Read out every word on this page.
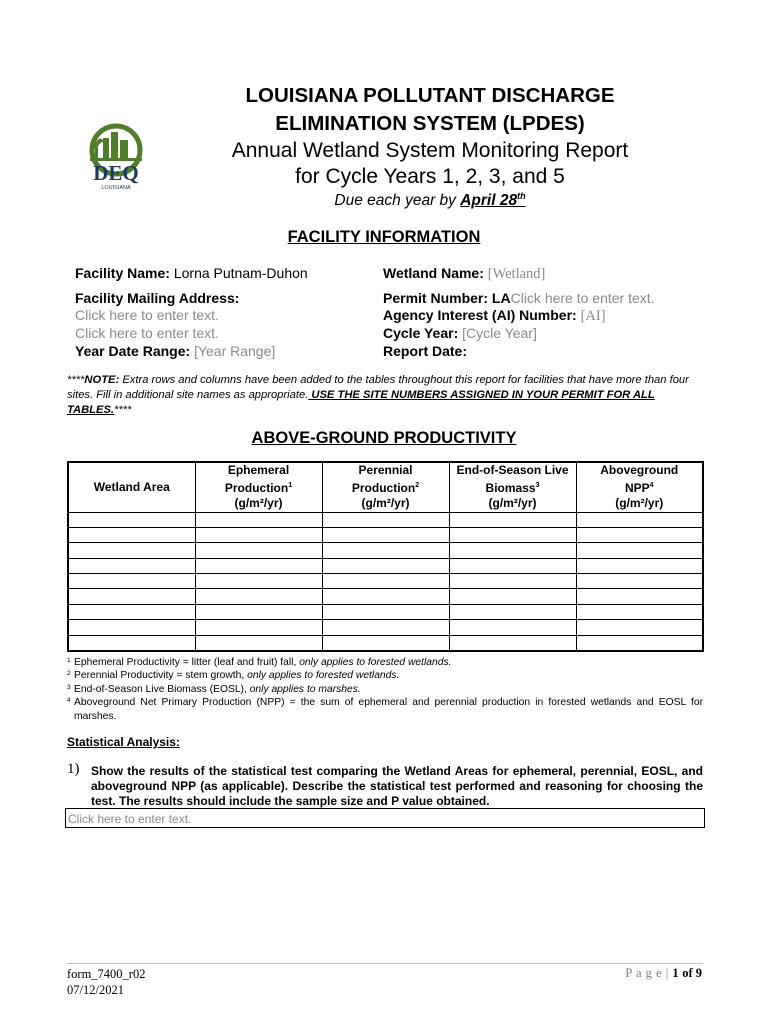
DEQ
LOUISIANA
LOUISIANA POLLUTANT DISCHARGE
ELIMINATION SYSTEM (LPDES)
Annual Wetland System Monitoring Report
for Cycle Years 1, 2, 3, and 5
Due each year by April 28th
FACILITY INFORMATION
Facility Name: Lorna Putnam-Duhon
Facility Mailing Address:
Click here to enter text.
Click here to enter text.
Year Date Range: [Year Range]
Wetland Name: [Wetland]
Permit Number: LAClick here to enter text.
Agency Interest (AI) Number: [AI]
Cycle Year: [Cycle Year]
Report Date:
****NOTE: Extra rows and columns have been added to the tables throughout this report for facilities that have more than four sites. Fill in additional site names as appropriate. USE THE SITE NUMBERS ASSIGNED IN YOUR PERMIT FOR ALL TABLES.****
ABOVE-GROUND PRODUCTIVITY
Wetland Area	Ephemeral
Production$^1$
(g/m²/yr)	Perennial
Production$^2$
(g/m²/yr)	End-of-Season Live
Biomass$^3$
(g/m²/yr)	Aboveground
NPP$^4$
(g/m²/yr)

1 Ephemeral Productivity = litter (leaf and fruit) fall, only applies to forested wetlands.
2 Perennial Productivity = stem growth, only applies to forested wetlands.
3 End-of-Season Live Biomass (EOSL), only applies to marshes.
4 Aboveground Net Primary Production (NPP) = the sum of ephemeral and perennial production in forested wetlands and EOSL for marshes.
Statistical Analysis:
1) Show the results of the statistical test comparing the Wetland Areas for ephemeral, perennial, EOSL, and aboveground NPP (as applicable). Describe the statistical test performed and reasoning for choosing the test. The results should include the sample size and P value obtained.
Click here to enter text.
form_7400_r02
07/12/2021
P a g e | 1 of 9
